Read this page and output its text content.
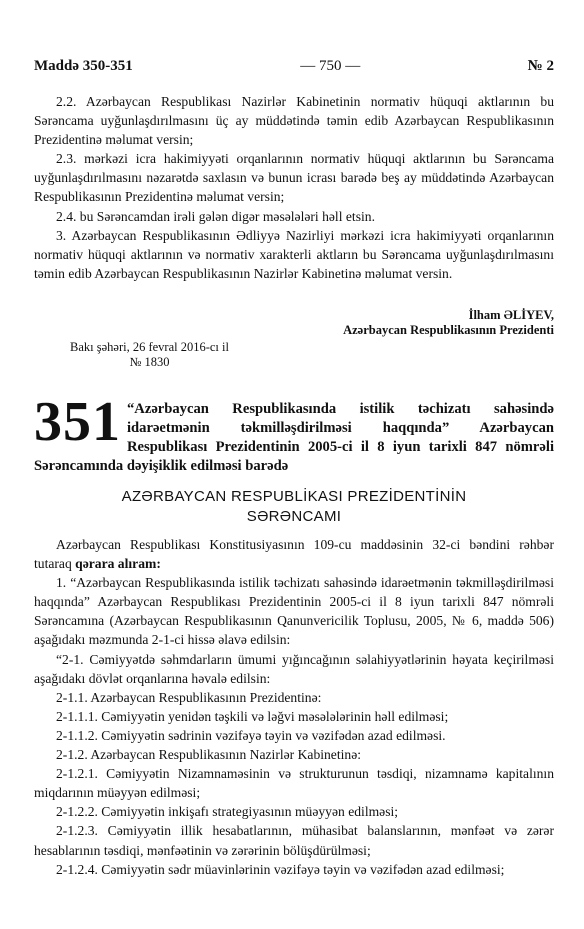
Maddə 350-351	— 750 —	№ 2

2.2. Azərbaycan Respublikası Nazirlər Kabinetinin normativ hüquqi aktlarının bu Sərəncama uyğunlaşdırılmasını üç ay müddətində təmin edib Azərbaycan Respublikasının Prezidentinə məlumat versin;

2.3. mərkəzi icra hakimiyyəti orqanlarının normativ hüquqi aktlarının bu Sərəncama uyğunlaşdırılmasını nəzarətdə saxlasın və bunun icrası barədə beş ay müddətində Azərbaycan Respublikasının Prezidentinə məlumat versin;

2.4. bu Sərəncamdan irəli gələn digər məsələləri həll etsin.

3. Azərbaycan Respublikasının Ədliyyə Nazirliyi mərkəzi icra hakimiyyəti orqanlarının normativ hüquqi aktlarının və normativ xarakterli aktların bu Sərəncama uyğunlaşdırılmasını təmin edib Azərbaycan Respublikasının Nazirlər Kabinetinə məlumat versin.

İlham ƏLİYEV,
Azərbaycan Respublikasının Prezidenti
Bakı şəhəri, 26 fevral 2016-cı il
№ 1830
351 “Azərbaycan Respublikasında istilik təchizatı sahəsində idarəetmənin təkmilləşdirilməsi haqqında” Azərbaycan Respublikası Prezidentinin 2005-ci il 8 iyun tarixli 847 nömrəli Sərəncamında dəyişiklik edilməsi barədə
AZƏRBAYCAN RESPUBLİKASI PREZİDENTİNİN
SƏRƏNCAMI

Azərbaycan Respublikası Konstitusiyasının 109-cu maddəsinin 32-ci bəndini rəhbər tutaraq qərara alıram:

1. “Azərbaycan Respublikasında istilik təchizatı sahəsində idarəetmənin təkmilləşdirilməsi haqqında” Azərbaycan Respublikası Prezidentinin 2005-ci il 8 iyun tarixli 847 nömrəli Sərəncamına (Azərbaycan Respublikasının Qanunvericilik Toplusu, 2005, № 6, maddə 506) aşağıdakı məzmunda 2-1-ci hissə əlavə edilsin:

“2-1. Cəmiyyətdə səhmdarların ümumi yığıncağının səlahiyyətlərinin həyata keçirilməsi aşağıdakı dövlət orqanlarına həvalə edilsin:

2-1.1. Azərbaycan Respublikasının Prezidentinə:

2-1.1.1. Cəmiyyətin yenidən təşkili və ləğvi məsələlərinin həll edilməsi;

2-1.1.2. Cəmiyyətin sədrinin vəzifəyə təyin və vəzifədən azad edilməsi.

2-1.2. Azərbaycan Respublikasının Nazirlər Kabinetinə:

2-1.2.1. Cəmiyyətin Nizamnaməsinin və strukturunun təsdiqi, nizamnamə kapitalının miqdarının müəyyən edilməsi;

2-1.2.2. Cəmiyyətin inkişafı strategiyasının müəyyən edilməsi;

2-1.2.3. Cəmiyyətin illik hesabatlarının, mühasibat balanslarının, mənfəət və zərər hesablarının təsdiqi, mənfəətinin və zərərinin bölüşdürülməsi;

2-1.2.4. Cəmiyyətin sədr müavinlərinin vəzifəyə təyin və vəzifədən azad edilməsi;
